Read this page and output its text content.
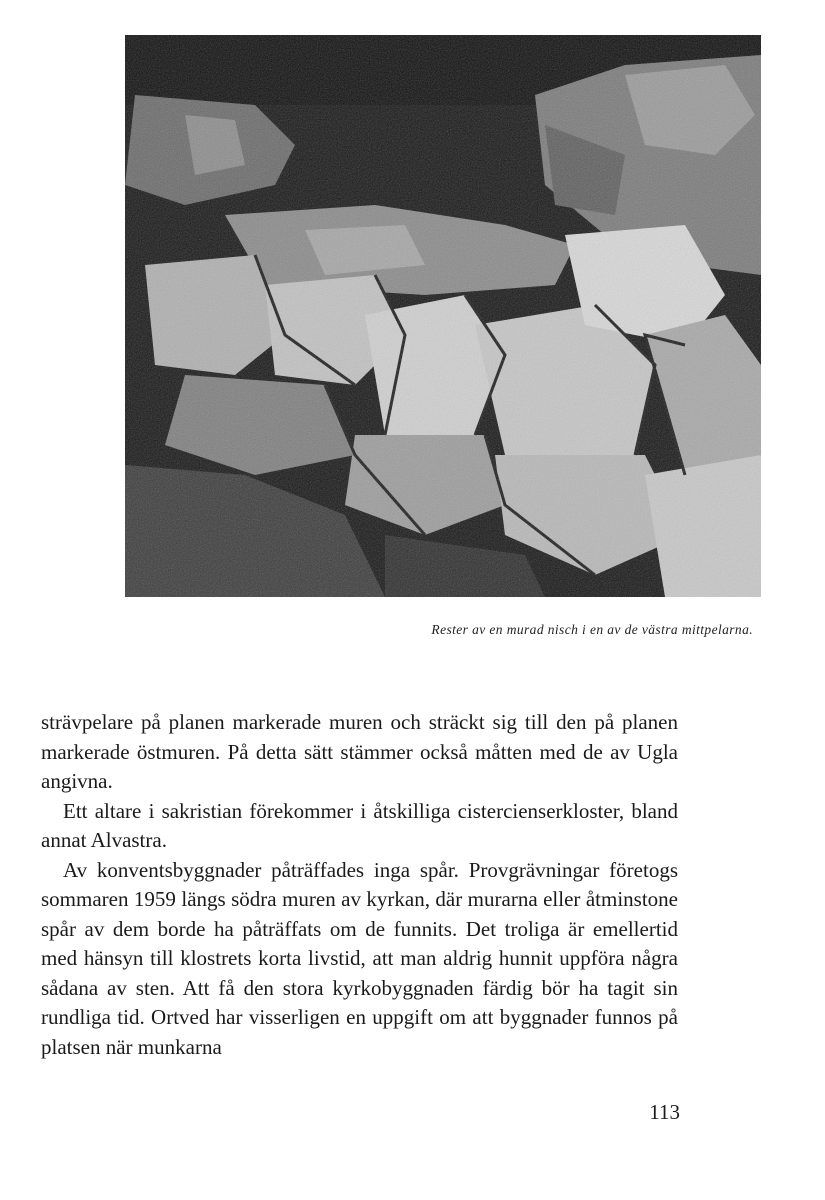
Rester av en murad nisch i en av de västra mittpelarna.

strävpelare på planen markerade muren och sträckt sig till den på planen markerade östmuren. På detta sätt stämmer också måtten med de av Ugla angivna.

Ett altare i sakristian förekommer i åtskilliga cistercienserkloster, bland annat Alvastra.

Av konventsbyggnader påträffades inga spår. Provgrävningar företogs sommaren 1959 längs södra muren av kyrkan, där murarna eller åtminstone spår av dem borde ha påträffats om de funnits. Det troliga är emellertid med hänsyn till klostrets korta livstid, att man aldrig hunnit uppföra några sådana av sten. Att få den stora kyrkobyggnaden färdig bör ha tagit sin rundliga tid. Ortved har visserligen en uppgift om att byggnader funnos på platsen när munkarna

113
